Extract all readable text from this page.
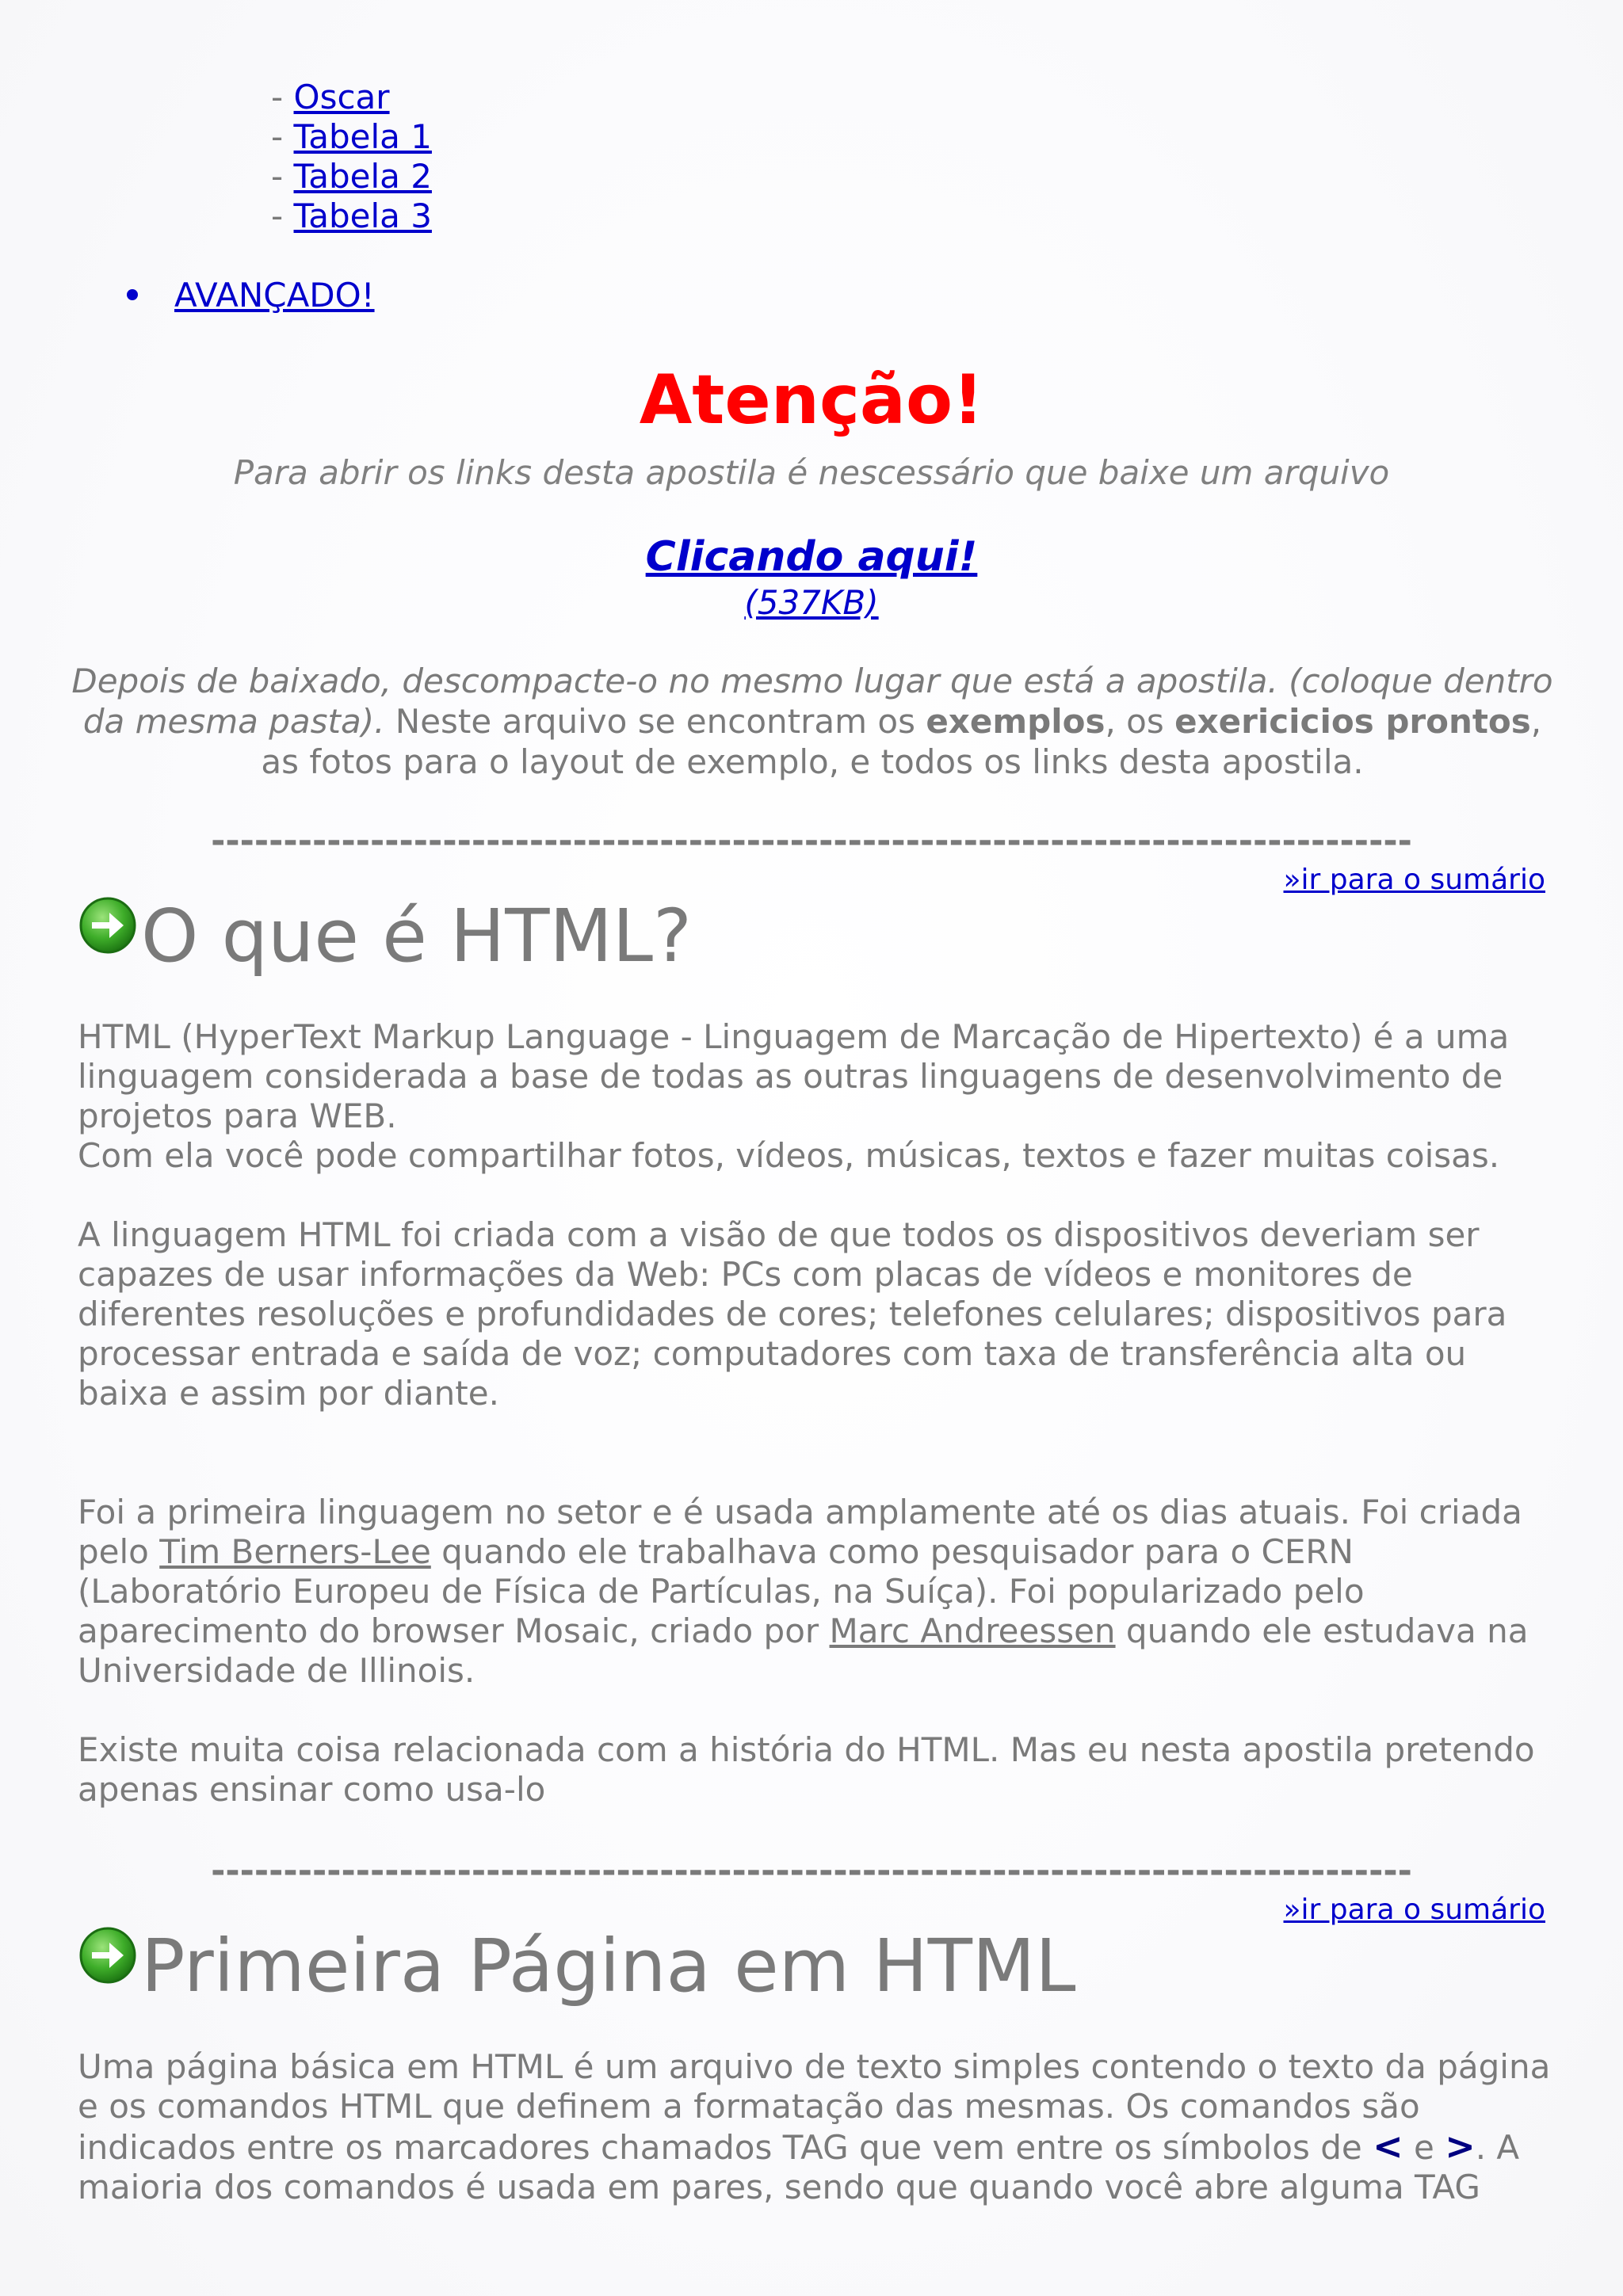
- Oscar
- Tabela 1
- Tabela 2
- Tabela 3
AVANÇADO!
Atenção!
Para abrir os links desta apostila é nescessário que baixe um arquivo
Clicando aqui!
(537KB)
Depois de baixado, descompacte-o no mesmo lugar que está a apostila. (coloque dentro da mesma pasta). Neste arquivo se encontram os exemplos, os exericicios prontos, as fotos para o layout de exemplo, e todos os links desta apostila.
-----------------------------------------------------------------------------------
»ir para o sumário
O que é HTML?

HTML (HyperText Markup Language - Linguagem de Marcação de Hipertexto) é a uma linguagem considerada a base de todas as outras linguagens de desenvolvimento de projetos para WEB.

Com ela você pode compartilhar fotos, vídeos, músicas, textos e fazer muitas coisas.

A linguagem HTML foi criada com a visão de que todos os dispositivos deveriam ser capazes de usar informações da Web: PCs com placas de vídeos e monitores de diferentes resoluções e profundidades de cores; telefones celulares; dispositivos para processar entrada e saída de voz; computadores com taxa de transferência alta ou baixa e assim por diante.

Foi a primeira linguagem no setor e é usada amplamente até os dias atuais. Foi criada pelo Tim Berners-Lee quando ele trabalhava como pesquisador para o CERN (Laboratório Europeu de Física de Partículas, na Suíça). Foi popularizado pelo aparecimento do browser Mosaic, criado por Marc Andreessen quando ele estudava na Universidade de Illinois.

Existe muita coisa relacionada com a história do HTML. Mas eu nesta apostila pretendo apenas ensinar como usa-lo

-----------------------------------------------------------------------------------
»ir para o sumário
Primeira Página em HTML

Uma página básica em HTML é um arquivo de texto simples contendo o texto da página e os comandos HTML que definem a formatação das mesmas. Os comandos são indicados entre os marcadores chamados TAG que vem entre os símbolos de < e >. A maioria dos comandos é usada em pares, sendo que quando você abre alguma TAG
